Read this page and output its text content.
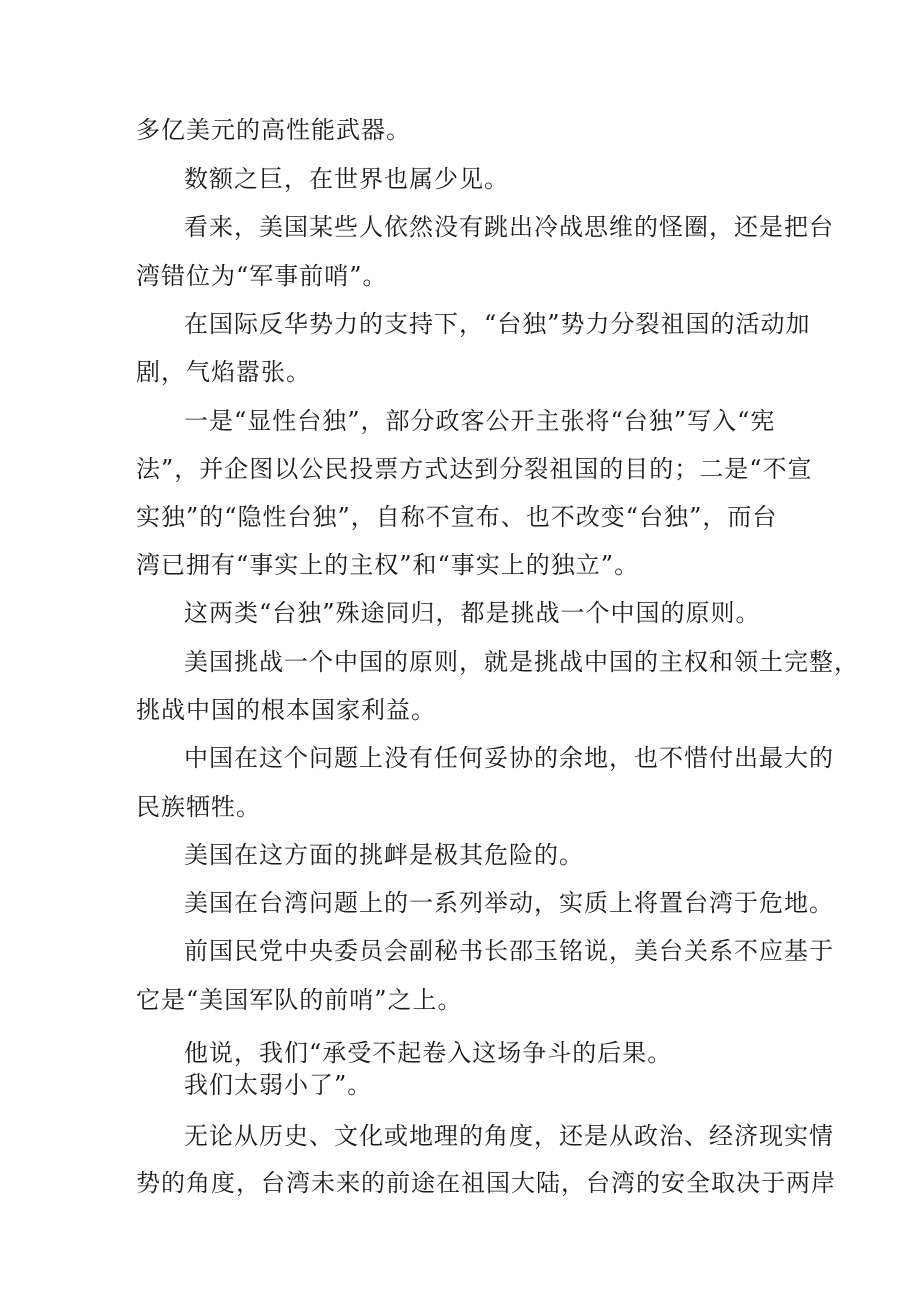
多亿美元的高性能武器。
数额之巨，在世界也属少见。
看来，美国某些人依然没有跳出冷战思维的怪圈，还是把台
湾错位为“军事前哨”。
在国际反华势力的支持下，“台独”势力分裂祖国的活动加
剧，气焰嚣张。
一是“显性台独”，部分政客公开主张将“台独”写入“宪
法”，并企图以公民投票方式达到分裂祖国的目的；二是“不宣
实独”的“隐性台独”，自称不宣布、也不改变“台独”，而台
湾已拥有“事实上的主权”和“事实上的独立”。
这两类“台独”殊途同归，都是挑战一个中国的原则。
美国挑战一个中国的原则，就是挑战中国的主权和领土完整，
挑战中国的根本国家利益。
中国在这个问题上没有任何妥协的余地，也不惜付出最大的
民族牺牲。
美国在这方面的挑衅是极其危险的。
美国在台湾问题上的一系列举动，实质上将置台湾于危地。
前国民党中央委员会副秘书长邵玉铭说，美台关系不应基于
它是“美国军队的前哨”之上。
他说，我们“承受不起卷入这场争斗的后果。
我们太弱小了”。
无论从历史、文化或地理的角度，还是从政治、经济现实情
势的角度，台湾未来的前途在祖国大陆，台湾的安全取决于两岸
